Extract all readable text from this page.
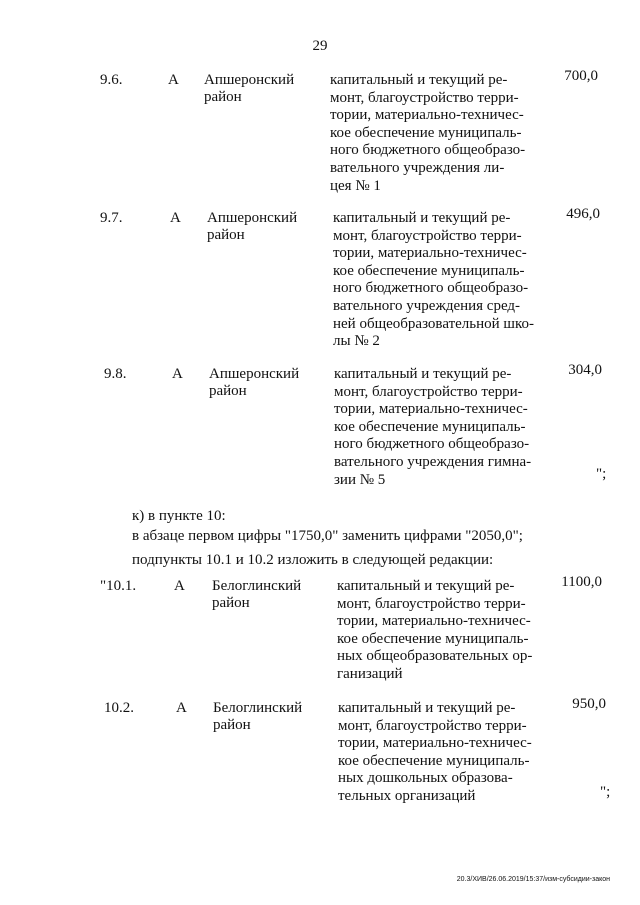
29
9.6.	А Апшеронский район
капитальный и текущий ре-
монт, благоустройство терри-
тории, материально-техничес-
кое обеспечение муниципаль-
ного бюджетного общеобразо-
вательного учреждения ли-
цея № 1
700,0
9.7.	А Апшеронский район
капитальный и текущий ре-
монт, благоустройство терри-
тории, материально-техничес-
кое обеспечение муниципаль-
ного бюджетного общеобразо-
вательного учреждения сред-
ней общеобразовательной шко-
лы № 2
496,0
9.8.	А Апшеронский район
капитальный и текущий ре-
монт, благоустройство терри-
тории, материально-техничес-
кое обеспечение муниципаль-
ного бюджетного общеобразо-
вательного учреждения гимна-
зии № 5
304,0
";
к) в пункте 10:
в абзаце первом цифры "1750,0" заменить цифрами "2050,0";
подпункты 10.1 и 10.2 изложить в следующей редакции:
"10.1.	А Белоглинский район
капитальный и текущий ре-
монт, благоустройство терри-
тории, материально-техничес-
кое обеспечение муниципаль-
ных общеобразовательных ор-
ганизаций
1100,0
10.2.	А Белоглинский район
капитальный и текущий ре-
монт, благоустройство терри-
тории, материально-техничес-
кое обеспечение муниципаль-
ных дошкольных образова-
тельных организаций
950,0
";
20.3/ХИВ/26.06.2019/15:37/изм-субсидии-закон
